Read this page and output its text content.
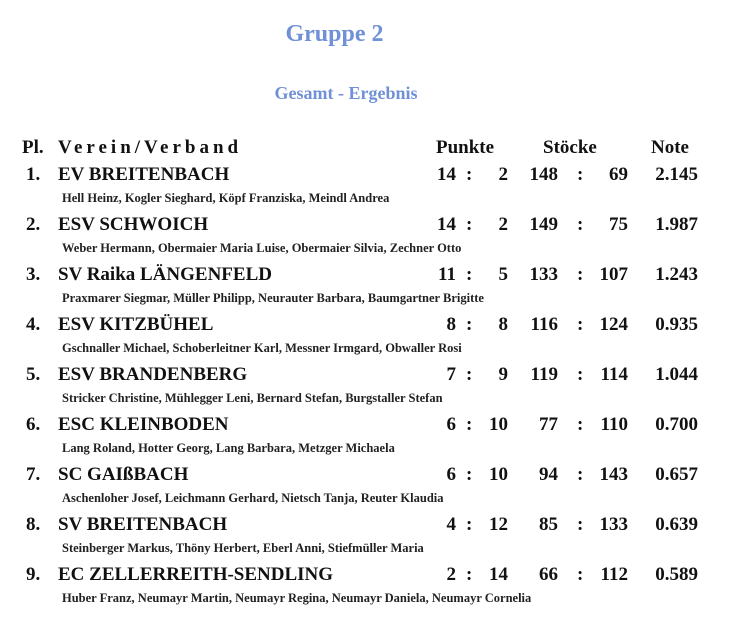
Gruppe 2
Gesamt - Ergebnis
Pl. Verein/Verband	Punkte	Stöcke	Note
1. EV BREITENBACH	14 :	2	148 :	69	2.145
Hell Heinz, Kogler Sieghard, Köpf Franziska, Meindl Andrea
2. ESV SCHWOICH	14 :	2	149 :	75	1.987
Weber Hermann, Obermaier Maria Luise, Obermaier Silvia, Zechner Otto
3. SV Raika LÄNGENFELD	11 :	5	133 : 107	1.243
Praxmarer Siegmar, Müller Philipp, Neurauter Barbara, Baumgartner Brigitte
4. ESV KITZBÜHEL	8 :	8	116 : 124	0.935
Gschnaller Michael, Schoberleitner Karl, Messner Irmgard, Obwaller Rosi
5. ESV BRANDENBERG	7 :	9	119 : 114	1.044
Stricker Christine, Mühlegger Leni, Bernard Stefan, Burgstaller Stefan
6. ESC KLEINBODEN	6 : 10	77 : 110	0.700
Lang Roland, Hotter Georg, Lang Barbara, Metzger Michaela
7. SC GAIßBACH	6 : 10	94 : 143	0.657
Aschenloher Josef, Leichmann Gerhard, Nietsch Tanja, Reuter Klaudia
8. SV BREITENBACH	4 : 12	85 : 133	0.639
Steinberger Markus, Thöny Herbert, Eberl Anni, Stiefmüller Maria
9. EC ZELLERREITH-SENDLING	2 : 14	66 : 112	0.589
Huber Franz, Neumayr Martin, Neumayr Regina, Neumayr Daniela, Neumayr Cornelia
